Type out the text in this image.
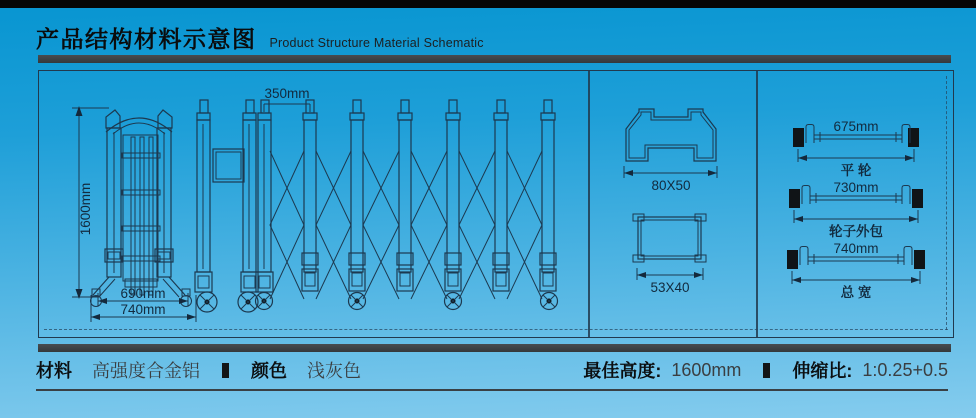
产品结构材料示意图 Product Structure Material Schematic
1600mm
690mm
740mm
350mm
80X50
53X40
675mm
平 轮
730mm
轮子外包
740mm
总 宽
材料 高强度合金铝	颜色 浅灰色	最佳高度: 1600mm	伸缩比: 1:0.25+0.5
